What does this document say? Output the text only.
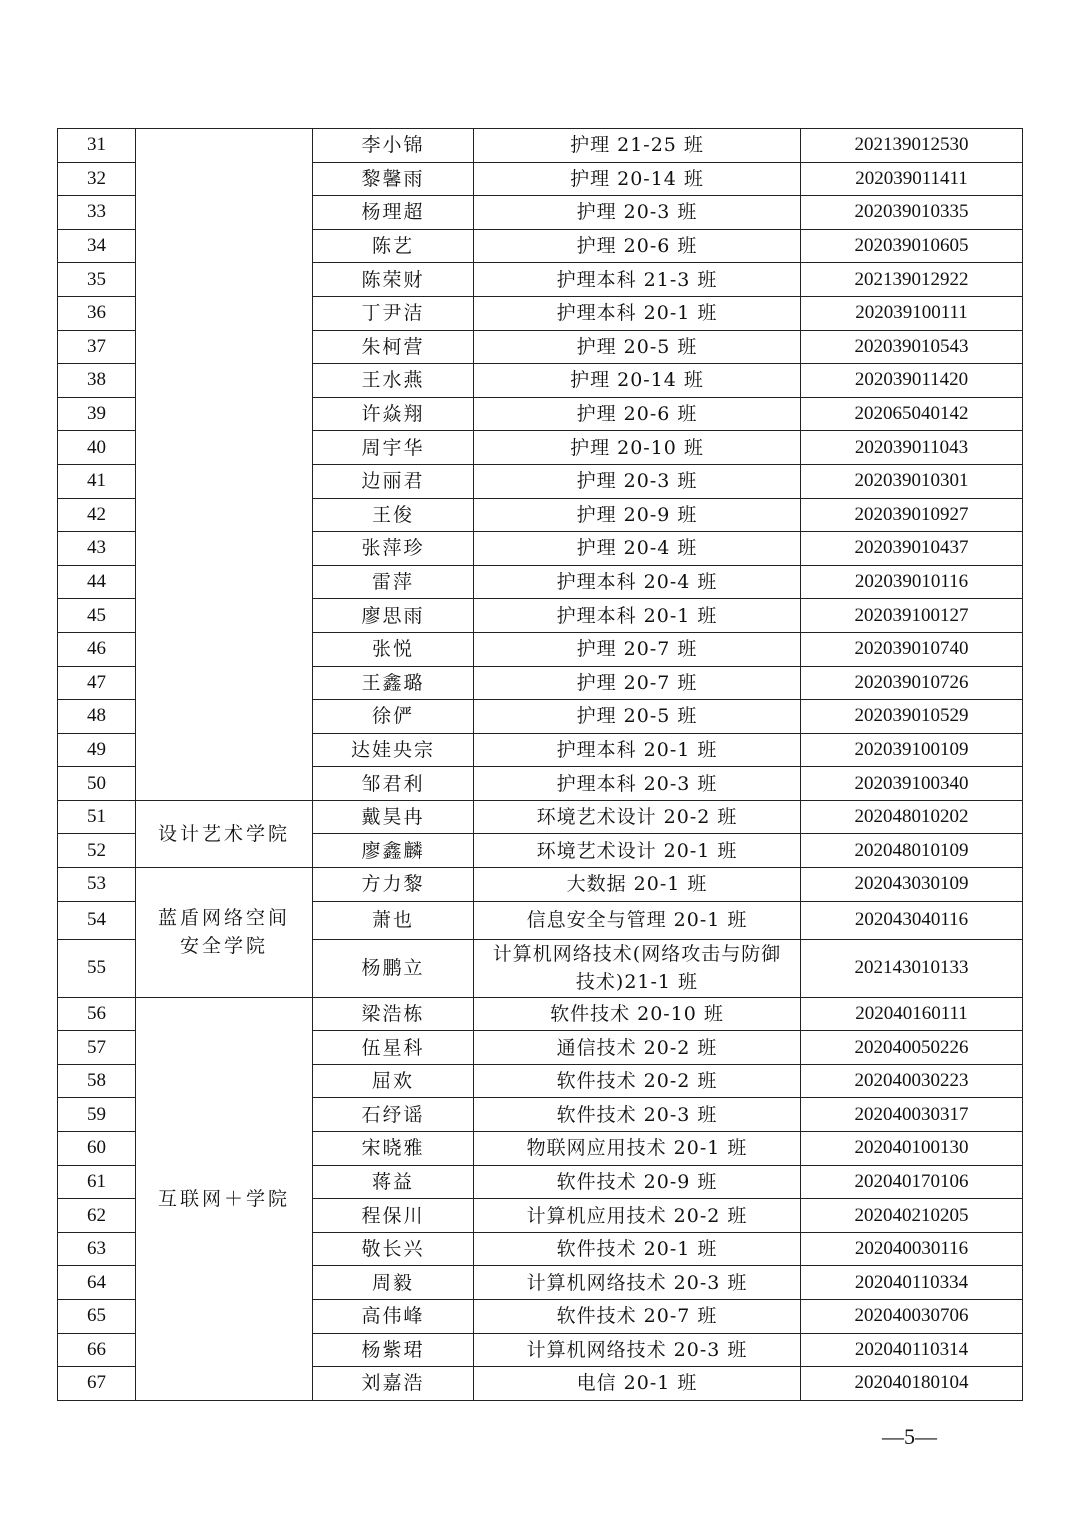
31		李小锦	护理 21-25 班	202139012530
32		黎馨雨	护理 20-14 班	202039011411
33		杨理超	护理 20-3 班	202039010335
34		陈艺	护理 20-6 班	202039010605
35		陈荣财	护理本科 21-3 班	202139012922
36		丁尹洁	护理本科 20-1 班	202039100111
37		朱柯营	护理 20-5 班	202039010543
38		王水燕	护理 20-14 班	202039011420
39		许焱翔	护理 20-6 班	202065040142
40		周宇华	护理 20-10 班	202039011043
41		边丽君	护理 20-3 班	202039010301
42		王俊	护理 20-9 班	202039010927
43		张萍珍	护理 20-4 班	202039010437
44		雷萍	护理本科 20-4 班	202039010116
45		廖思雨	护理本科 20-1 班	202039100127
46		张悦	护理 20-7 班	202039010740
47		王鑫璐	护理 20-7 班	202039010726
48		徐俨	护理 20-5 班	202039010529
49		达娃央宗	护理本科 20-1 班	202039100109
50		邹君利	护理本科 20-3 班	202039100340
51	设计艺术学院	戴昊冉	环境艺术设计 20-2 班	202048010202
52		廖鑫麟	环境艺术设计 20-1 班	202048010109
53	蓝盾网络空间安全学院	方力黎	大数据 20-1 班	202043030109
54		萧也	信息安全与管理 20-1 班	202043040116
55		杨鹏立	计算机网络技术(网络攻击与防御技术)21-1 班	202143010133
56	互联网＋学院	梁浩栋	软件技术 20-10 班	202040160111
57		伍星科	通信技术 20-2 班	202040050226
58		屈欢	软件技术 20-2 班	202040030223
59		石纾谣	软件技术 20-3 班	202040030317
60		宋晓雅	物联网应用技术 20-1 班	202040100130
61		蒋益	软件技术 20-9 班	202040170106
62		程保川	计算机应用技术 20-2 班	202040210205
63		敬长兴	软件技术 20-1 班	202040030116
64		周毅	计算机网络技术 20-3 班	202040110334
65		高伟峰	软件技术 20-7 班	202040030706
66		杨紫珺	计算机网络技术 20-3 班	202040110314
67		刘嘉浩	电信 20-1 班	202040180104
—5—
